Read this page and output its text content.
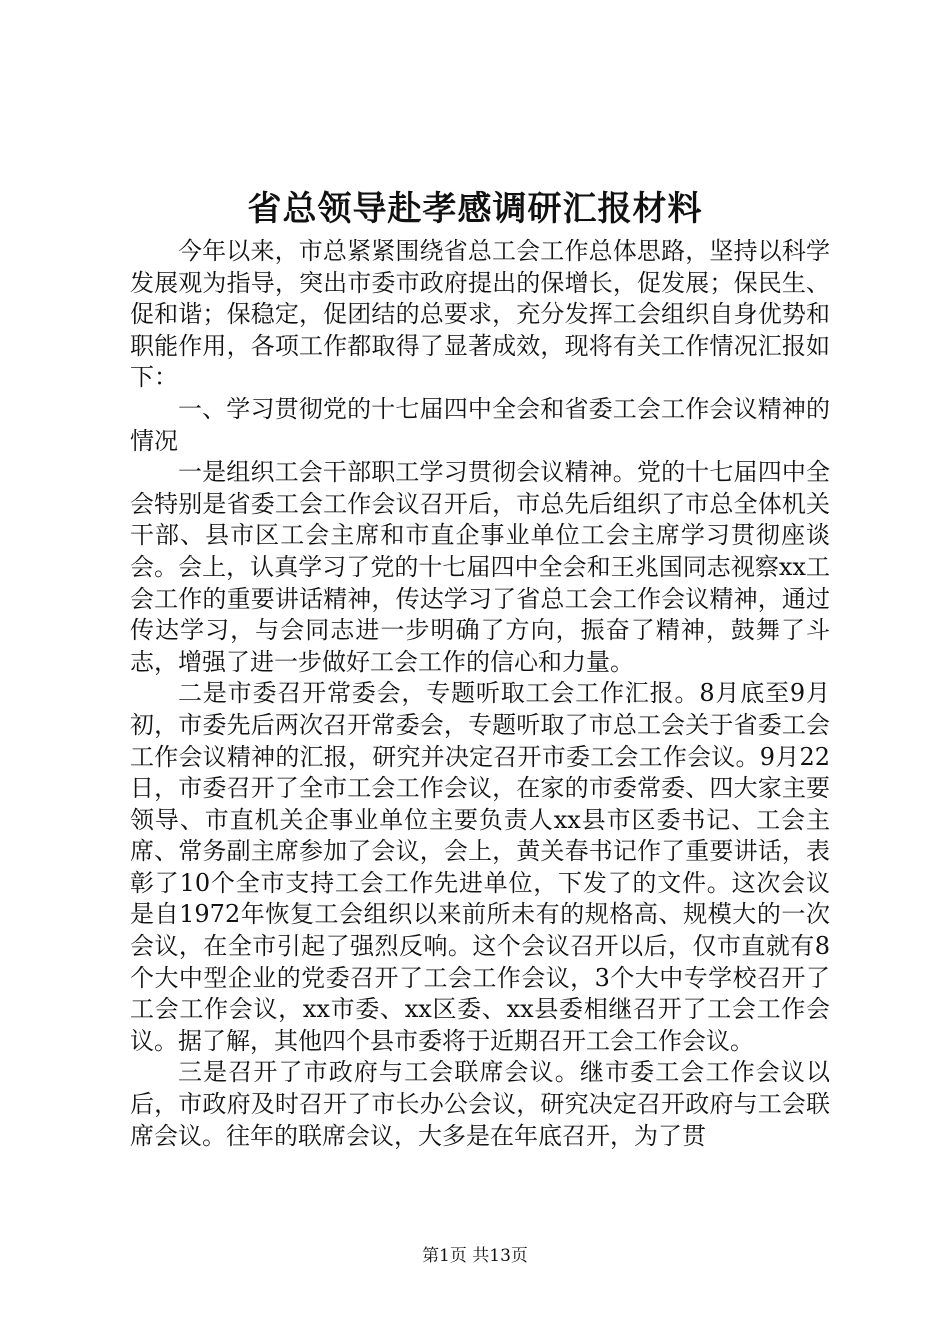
省总领导赴孝感调研汇报材料

今年以来，市总紧紧围绕省总工会工作总体思路，坚持以科学发展观为指导，突出市委市政府提出的保增长，促发展；保民生、促和谐；保稳定，促团结的总要求，充分发挥工会组织自身优势和职能作用，各项工作都取得了显著成效，现将有关工作情况汇报如下：

一、学习贯彻党的十七届四中全会和省委工会工作会议精神的情况

一是组织工会干部职工学习贯彻会议精神。党的十七届四中全会特别是省委工会工作会议召开后，市总先后组织了市总全体机关干部、县市区工会主席和市直企事业单位工会主席学习贯彻座谈会。会上，认真学习了党的十七届四中全会和王兆国同志视察xx工会工作的重要讲话精神，传达学习了省总工会工作会议精神，通过传达学习，与会同志进一步明确了方向，振奋了精神，鼓舞了斗志，增强了进一步做好工会工作的信心和力量。

二是市委召开常委会，专题听取工会工作汇报。8月底至9月初，市委先后两次召开常委会，专题听取了市总工会关于省委工会工作会议精神的汇报，研究并决定召开市委工会工作会议。9月22日，市委召开了全市工会工作会议，在家的市委常委、四大家主要领导、市直机关企事业单位主要负责人xx县市区委书记、工会主席、常务副主席参加了会议，会上，黄关春书记作了重要讲话，表彰了10个全市支持工会工作先进单位，下发了的文件。这次会议是自1972年恢复工会组织以来前所未有的规格高、规模大的一次会议，在全市引起了强烈反响。这个会议召开以后，仅市直就有8个大中型企业的党委召开了工会工作会议，3个大中专学校召开了工会工作会议，xx市委、xx区委、xx县委相继召开了工会工作会议。据了解，其他四个县市委将于近期召开工会工作会议。

三是召开了市政府与工会联席会议。继市委工会工作会议以后，市政府及时召开了市长办公会议，研究决定召开政府与工会联席会议。往年的联席会议，大多是在年底召开，为了贯

第1页 共13页
